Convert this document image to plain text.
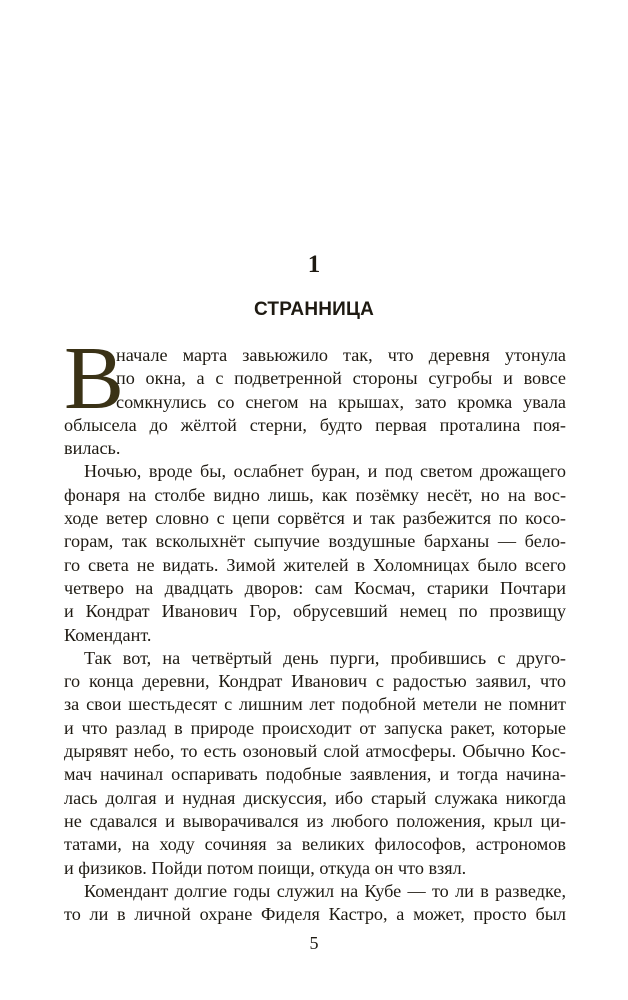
1
СТРАННИЦА
В
начале марта завьюжило так, что деревня утонула
по окна, а с подветренной стороны сугробы и вовсе
сомкнулись со снегом на крышах, зато кромка увала
облысела до жёлтой стерни, будто первая проталина поя-
вилась.
Ночью, вроде бы, ослабнет буран, и под светом дрожащего
фонаря на столбе видно лишь, как позёмку несёт, но на вос-
ходе ветер словно с цепи сорвётся и так разбежится по косо-
горам, так всколыхнёт сыпучие воздушные барханы — бело-
го света не видать. Зимой жителей в Холомницах было всего
четверо на двадцать дворов: сам Космач, старики Почтари
и Кондрат Иванович Гор, обрусевший немец по прозвищу
Комендант.
Так вот, на четвёртый день пурги, пробившись с друго-
го конца деревни, Кондрат Иванович с радостью заявил, что
за свои шестьдесят с лишним лет подобной метели не помнит
и что разлад в природе происходит от запуска ракет, которые
дырявят небо, то есть озоновый слой атмосферы. Обычно Кос-
мач начинал оспаривать подобные заявления, и тогда начина-
лась долгая и нудная дискуссия, ибо старый служака никогда
не сдавался и выворачивался из любого положения, крыл ци-
татами, на ходу сочиняя за великих философов, астрономов
и физиков. Пойди потом поищи, откуда он что взял.
Комендант долгие годы служил на Кубе — то ли в разведке,
то ли в личной охране Фиделя Кастро, а может, просто был
5
